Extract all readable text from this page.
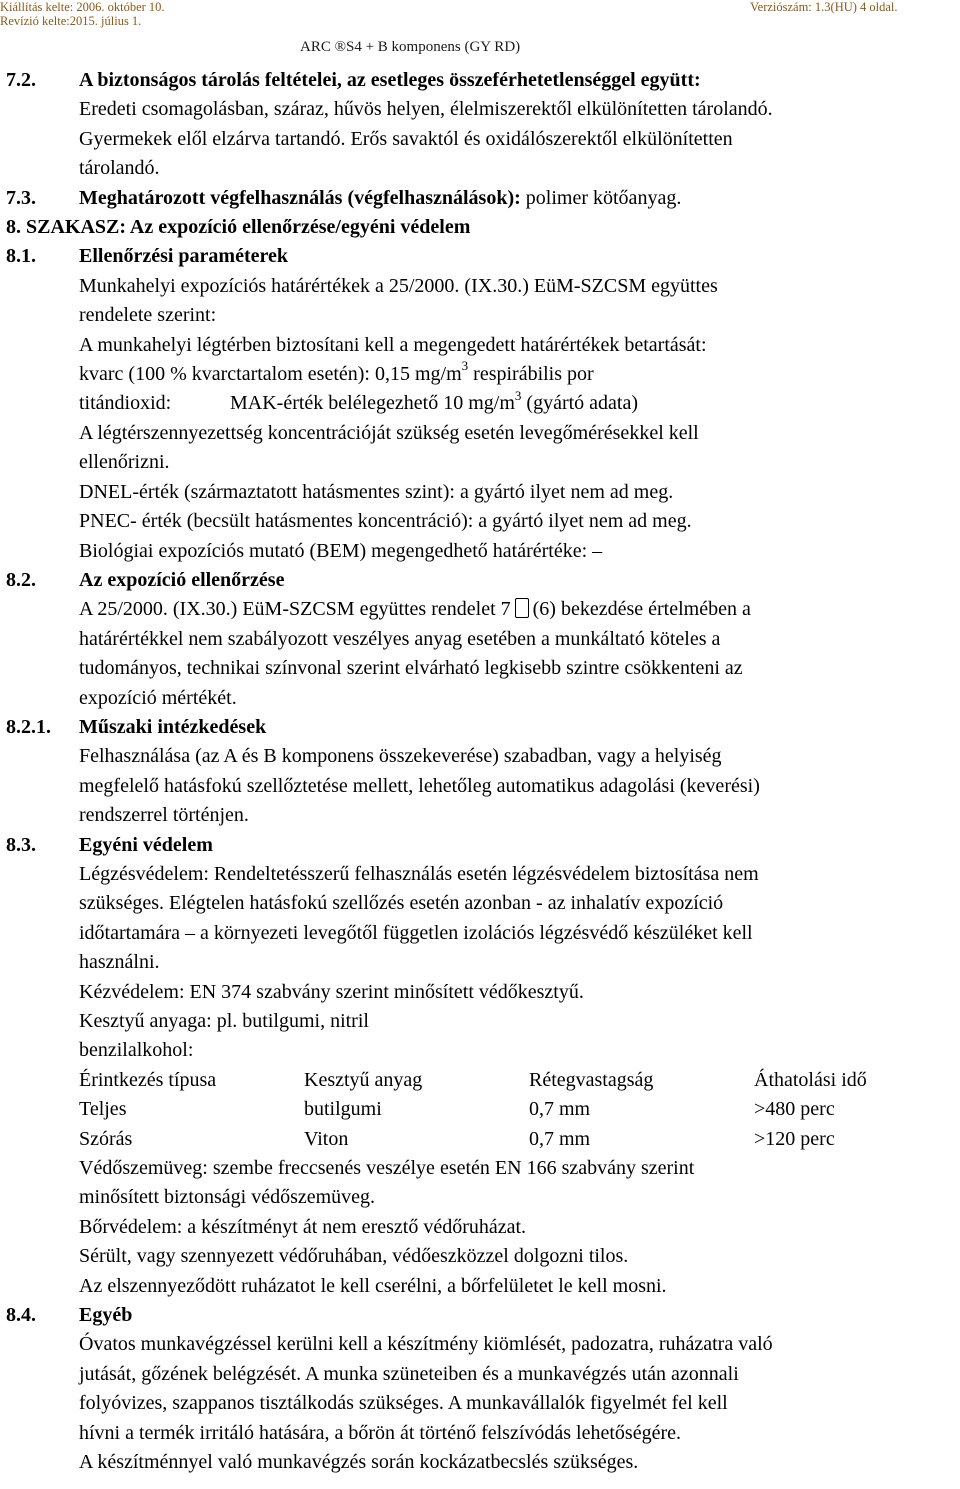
Kiállítás kelte: 2006. október 10.
Revízió kelte:2015. július 1.
Verziószám: 1.3(HU) 4 oldal.
ARC ®S4 + B komponens (GY RD)
7.2.	A biztonságos tárolás feltételei, az esetleges összeférhetetlenséggel együtt:
Eredeti csomagolásban, száraz, hűvös helyen, élelmiszerektől elkülönítetten tárolandó.
Gyermekek elől elzárva tartandó. Erős savaktól és oxidálószerektől elkülönítetten
tárolandó.
7.3.	Meghatározott végfelhasználás (végfelhasználások): polimer kötőanyag.
8. SZAKASZ: Az expozíció ellenőrzése/egyéni védelem
8.1.	Ellenőrzési paraméterek
Munkahelyi expozíciós határértékek a 25/2000. (IX.30.) EüM-SZCSM együttes
rendelete szerint:
A munkahelyi légtérben biztosítani kell a megengedett határértékek betartását:
kvarc (100 % kvarctartalom esetén): 0,15 $mg/m^3$ respirábilis por
titándioxid:	MAK-érték belélegezhető 10 $mg/m^3$ (gyártó adata)
A légtérszennyezettség koncentrációját szükség esetén levegőmérésekkel kell
ellenőrizni.
DNEL-érték (származtatott hatásmentes szint): a gyártó ilyet nem ad meg.
PNEC- érték (becsült hatásmentes koncentráció): a gyártó ilyet nem ad meg.
Biológiai expozíciós mutató (BEM) megengedhető határértéke: –
8.2.	Az expozíció ellenőrzése
A 25/2000. (IX.30.) EüM-SZCSM együttes rendelet 7 (6) bekezdése értelmében a
határértékkel nem szabályozott veszélyes anyag esetében a munkáltató köteles a
tudományos, technikai színvonal szerint elvárható legkisebb szintre csökkenteni az
expozíció mértékét.
8.2.1.	Műszaki intézkedések
Felhasználása (az A és B komponens összekeverése) szabadban, vagy a helyiség
megfelelő hatásfokú szellőztetése mellett, lehetőleg automatikus adagolási (keverési)
rendszerrel történjen.
8.3.	Egyéni védelem
Légzésvédelem: Rendeltetésszerű felhasználás esetén légzésvédelem biztosítása nem
szükséges. Elégtelen hatásfokú szellőzés esetén azonban - az inhalatív expozíció
időtartamára – a környezeti levegőtől független izolációs légzésvédő készüléket kell
használni.
Kézvédelem: EN 374 szabvány szerint minősített védőkesztyű.
Kesztyű anyaga: pl. butilgumi, nitril
benzilalkohol:
Érintkezés típusa	Kesztyű anyag	Rétegvastagság	Áthatolási idő
Teljes	butilgumi	0,7 mm	>480 perc
Szórás	Viton	0,7 mm	>120 perc
Védőszemüveg: szembe freccsenés veszélye esetén EN 166 szabvány szerint
minősített biztonsági védőszemüveg.
Bőrvédelem: a készítményt át nem eresztő védőruházat.
Sérült, vagy szennyezett védőruhában, védőeszközzel dolgozni tilos.
Az elszennyeződött ruházatot le kell cserélni, a bőrfelületet le kell mosni.
8.4.	Egyéb
Óvatos munkavégzéssel kerülni kell a készítmény kiömlését, padozatra, ruházatra való
jutását, gőzének belégzését. A munka szüneteiben és a munkavégzés után azonnali
folyóvizes, szappanos tisztálkodás szükséges. A munkavállalók figyelmét fel kell
hívni a termék irritáló hatására, a bőrön át történő felszívódás lehetőségére.
A készítménnyel való munkavégzés során kockázatbecslés szükséges.
